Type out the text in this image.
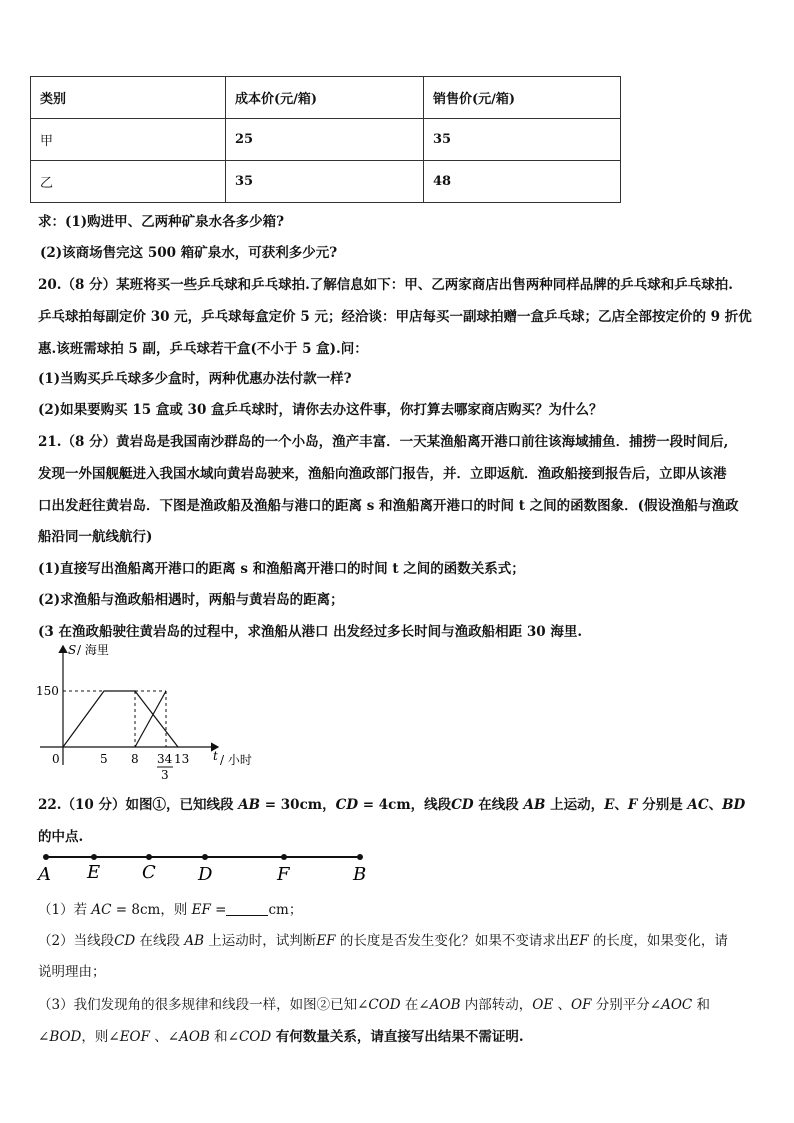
类别	成本价(元/箱)	销售价(元/箱)
甲	25	35
乙	35	48
求：(1)购进甲、乙两种矿泉水各多少箱?
(2)该商场售完这 500 箱矿泉水，可获利多少元?
20.（8 分）某班将买一些乒乓球和乒乓球拍.了解信息如下：甲、乙两家商店出售两种同样品牌的乒乓球和乒乓球拍.
乒乓球拍每副定价 30 元，乒乓球每盒定价 5 元；经洽谈：甲店每买一副球拍赠一盒乒乓球；乙店全部按定价的 9 折优
惠.该班需球拍 5 副，乒乓球若干盒(不小于 5 盒).问：
(1)当购买乒乓球多少盒时，两种优惠办法付款一样?
(2)如果要购买 15 盒或 30 盒乒乓球时，请你去办这件事，你打算去哪家商店购买？为什么？
21.（8 分）黄岩岛是我国南沙群岛的一个小岛，渔产丰富．一天某渔船离开港口前往该海域捕鱼．捕捞一段时间后,
发现一外国舰艇进入我国水域向黄岩岛驶来，渔船向渔政部门报告，并．立即返航．渔政船接到报告后，立即从该港
口出发赶往黄岩岛．下图是渔政船及渔船与港口的距离 s 和渔船离开港口的时间 t 之间的函数图象．(假设渔船与渔政
船沿同一航线航行)
(1)直接写出渔船离开港口的距离 s 和渔船离开港口的时间 t 之间的函数关系式；
(2)求渔船与渔政船相遇时，两船与黄岩岛的距离；
(3 在渔政船驶往黄岩岛的过程中，求渔船从港口 出发经过多长时间与渔政船相距 30 海里.
S / 海里
150
0	5 8	13
34
3
t / 小时
22.（10 分）如图①，已知线段 AB = 30cm，CD = 4cm，线段CD 在线段 AB 上运动，E、F 分别是 AC、BD
的中点.
A E C D	F	B
（1）若 AC = 8cm，则 EF =	cm；
（2）当线段CD 在线段 AB 上运动时，试判断EF 的长度是否发生变化？如果不变请求出EF 的长度，如果变化，请
说明理由；
（3）我们发现角的很多规律和线段一样，如图②已知∠COD 在∠AOB 内部转动，OE 、OF 分别平分∠AOC 和
∠BOD，则∠EOF 、∠AOB 和∠COD 有何数量关系，请直接写出结果不需证明.
